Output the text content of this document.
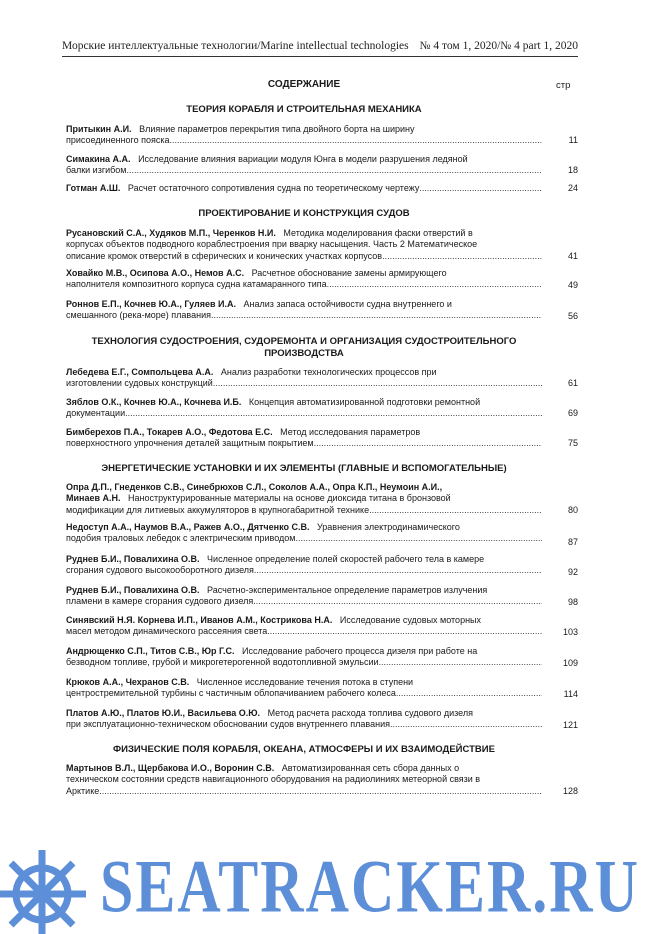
Морские интеллектуальные технологии/Marine intellectual technologies № 4 том 1, 2020/№ 4 part 1, 2020
СОДЕРЖАНИЕ	стр
ТЕОРИЯ КОРАБЛЯ И СТРОИТЕЛЬНАЯ МЕХАНИКА
Притыкин А.И. Влияние параметров перекрытия типа двойного борта на ширину
присоединенного пояска .....	11
Симакина А.А. Исследование влияния вариации модуля Юнга в модели разрушения ледяной
балки изгибом .....	18
Готман А.Ш. Расчет остаточного сопротивления судна по теоретическому чертежу .....	24
ПРОЕКТИРОВАНИЕ И КОНСТРУКЦИЯ СУДОВ
Русановский С.А., Худяков М.П., Черенков Н.И. Методика моделирования фаски отверстий в
корпусах объектов подводного кораблестроения при вварку насыщения. Часть 2 Математическое
описание кромок отверстий в сферических и конических участках корпусов .....	41
Ховайко М.В., Осипова А.О., Немов А.С. Расчетное обоснование замены армирующего
наполнителя композитного корпуса судна катамаранного типа .....	49
Роннов Е.П., Кочнев Ю.А., Гуляев И.А. Анализ запаса остойчивости судна внутреннего и
смешанного (река-море) плавания .....	56
ТЕХНОЛОГИЯ СУДОСТРОЕНИЯ, СУДОРЕМОНТА И ОРГАНИЗАЦИЯ СУДОСТРОИТЕЛЬНОГО
ПРОИЗВОДСТВА
Лебедева Е.Г., Сомпольцева А.А. Анализ разработки технологических процессов при
изготовлении судовых конструкций .....	61
Зяблов О.К., Кочнев Ю.А., Кочнева И.Б. Концепция автоматизированной подготовки ремонтной
документации .....	69
Бимберехов П.А., Токарев А.О., Федотова Е.С. Метод исследования параметров
поверхностного упрочнения деталей защитным покрытием .....	75
ЭНЕРГЕТИЧЕСКИЕ УСТАНОВКИ И ИХ ЭЛЕМЕНТЫ (ГЛАВНЫЕ И ВСПОМОГАТЕЛЬНЫЕ)
Опра Д.П., Гнеденков С.В., Синебрюхов С.Л., Соколов А.А., Опра К.П., Неумоин А.И.,
Минаев А.Н. Наноструктурированные материалы на основе диоксида титана в бронзовой
модификации для литиевых аккумуляторов в крупногабаритной технике .....	80
Недоступ А.А., Наумов В.А., Ражев А.О., Дятченко С.В. Уравнения электродинамического
подобия траловых лебедок с электрическим приводом .....	87
Руднев Б.И., Повалихина О.В. Численное определение полей скоростей рабочего тела в камере
сгорания судового высокооборотного дизеля .....	92
Руднев Б.И., Повалихина О.В. Расчетно-экспериментальное определение параметров излучения
пламени в камере сгорания судового дизеля .....	98
Синявский Н.Я. Корнева И.П., Иванов А.М., Кострикова Н.А. Исследование судовых моторных
масел методом динамического рассеяния света .....	103
Андрющенко С.П., Титов С.В., Юр Г.С. Исследование рабочего процесса дизеля при работе на
безводном топливе, грубой и микрогетерогенной водотопливной эмульсии .....	109
Крюков А.А., Чехранов С.В. Численное исследование течения потока в ступени
центростремительной турбины с частичным облопачиванием рабочего колеса .....	114
Платов А.Ю., Платов Ю.И., Васильева О.Ю. Метод расчета расхода топлива судового дизеля
при эксплуатационно-техническом обосновании судов внутреннего плавания .....	121
ФИЗИЧЕСКИЕ ПОЛЯ КОРАБЛЯ, ОКЕАНА, АТМОСФЕРЫ И ИХ ВЗАИМОДЕЙСТВИЕ
Мартынов В.Л., Щербакова И.О., Воронин С.В. Автоматизированная сеть сбора данных о
техническом состоянии средств навигационного оборудования на радиолиниях метеорной связи в
Арктике .....	128
SEATRACKER.RU
